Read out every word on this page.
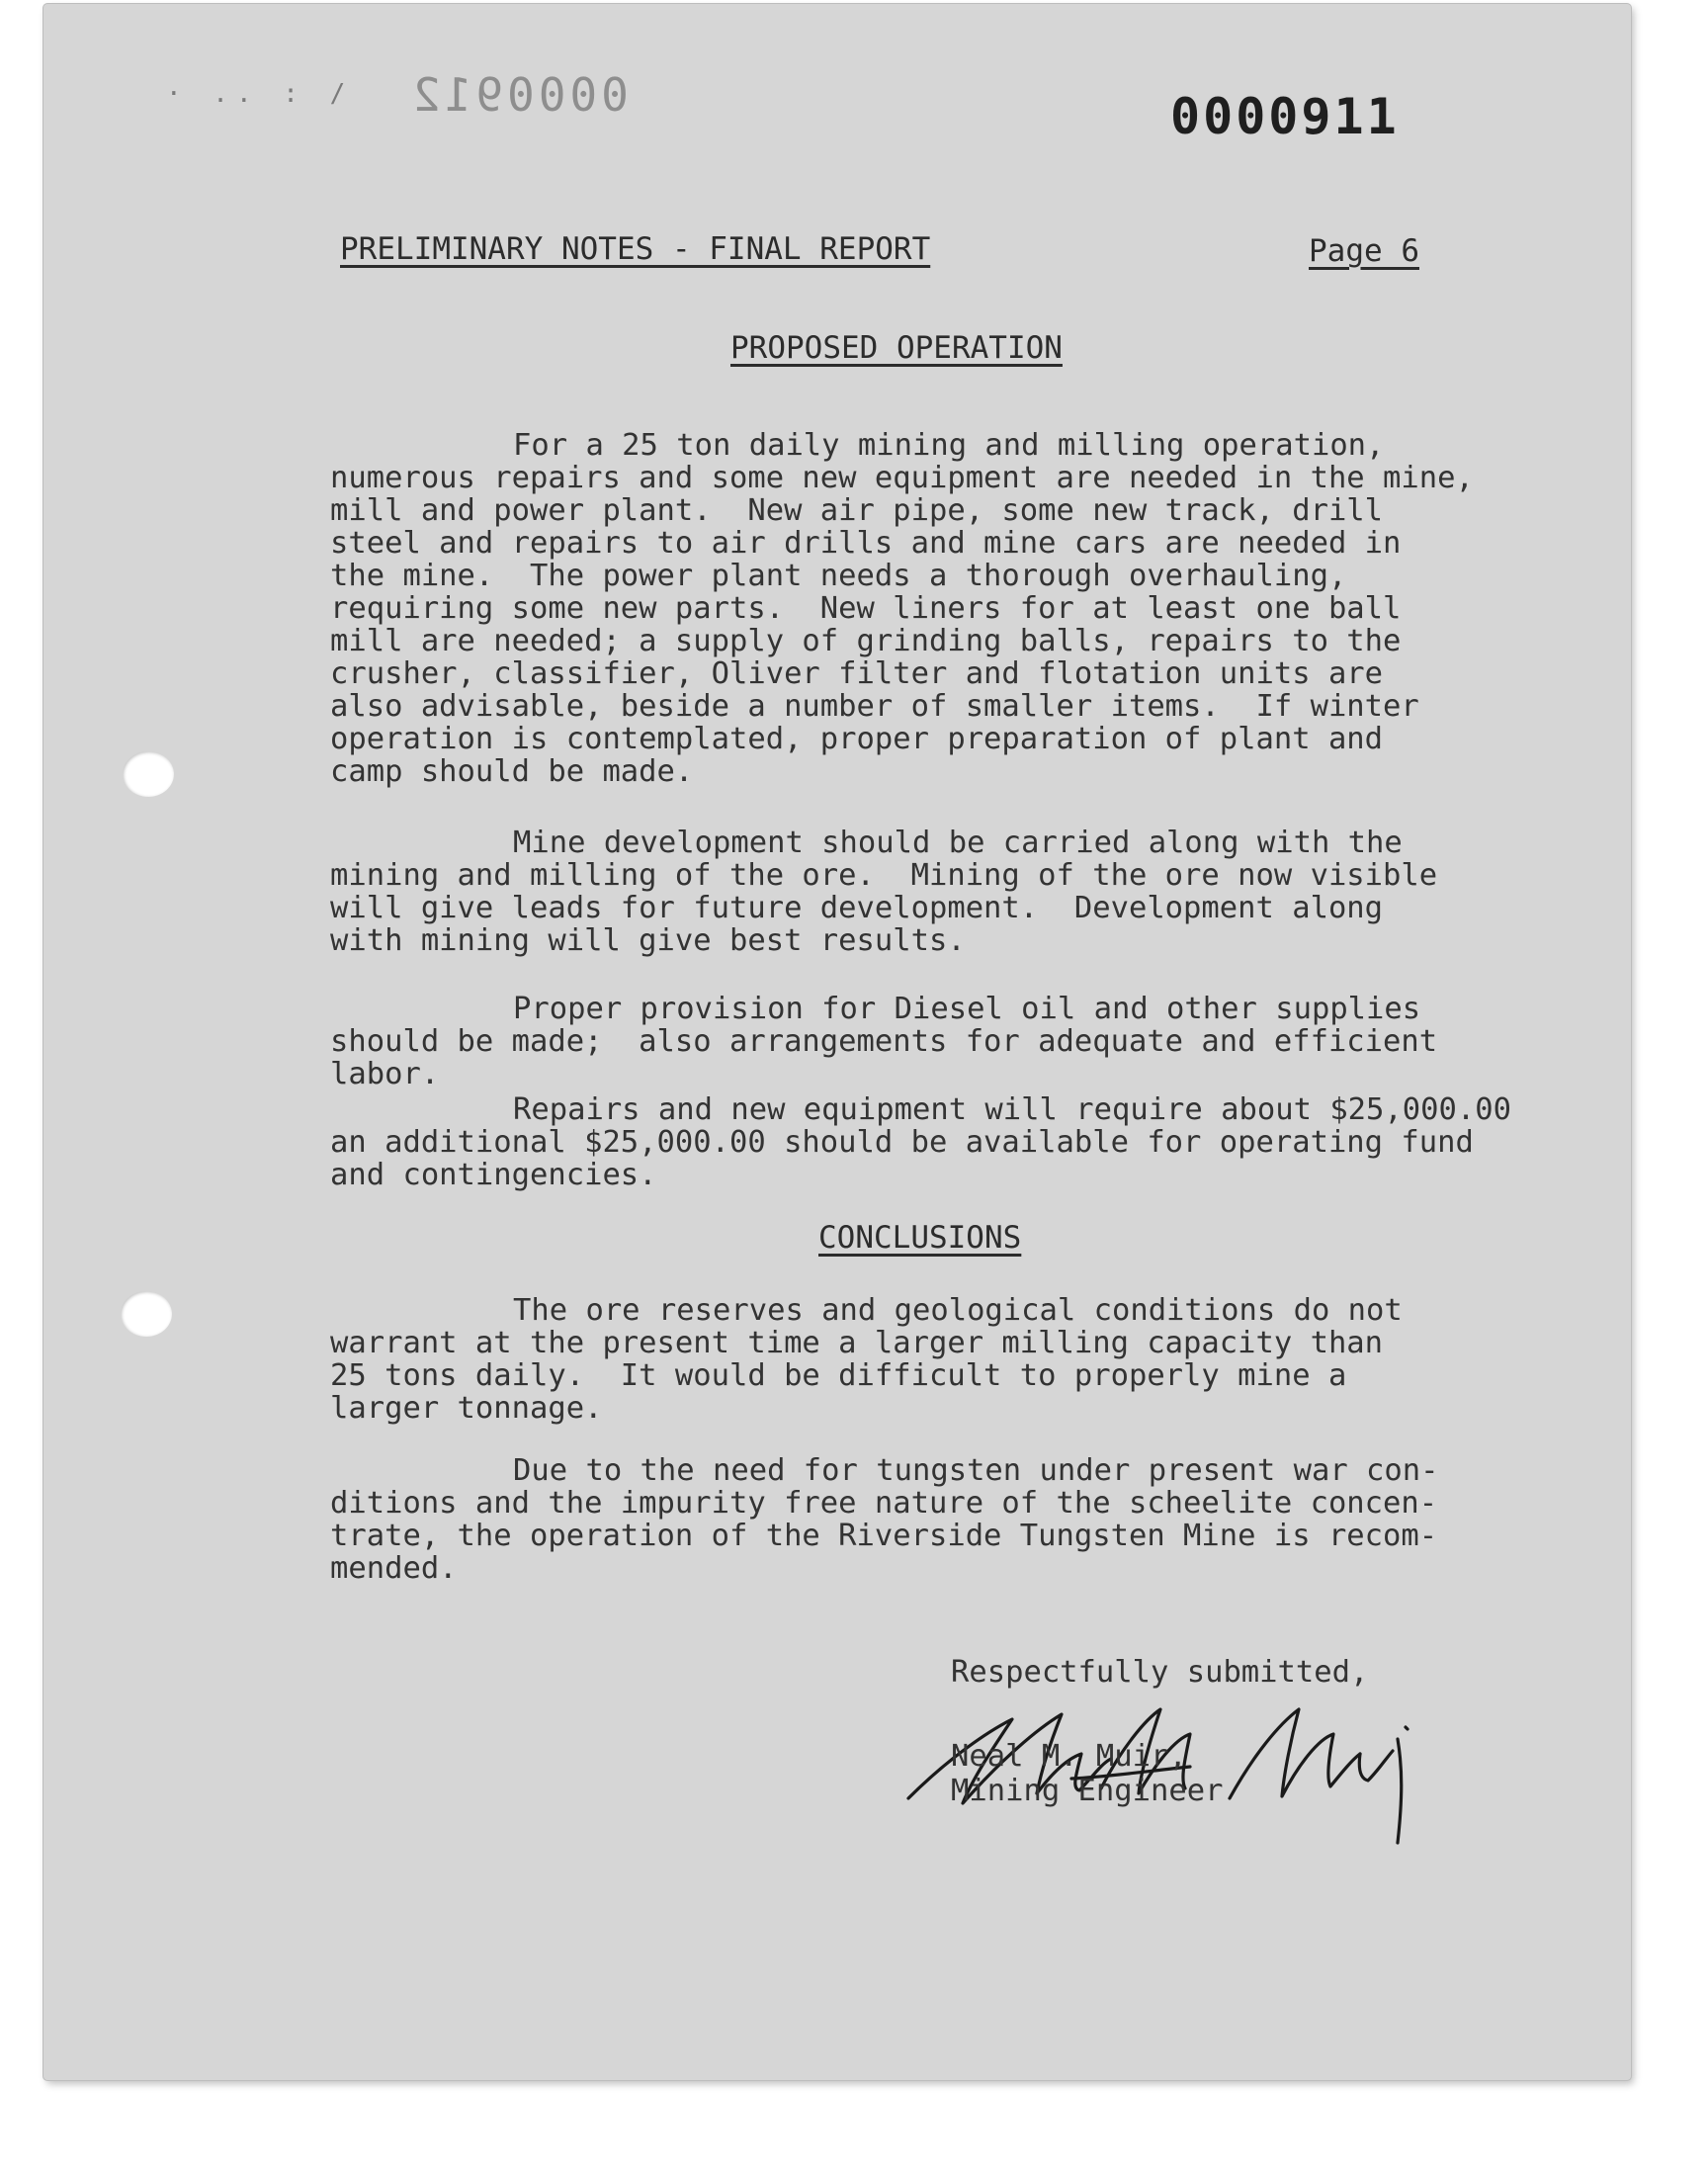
0000912
· .. : /	0000911
PRELIMINARY NOTES - FINAL REPORT	Page 6
PROPOSED OPERATION

For a 25 ton daily mining and milling operation,
numerous repairs and some new equipment are needed in the mine,
mill and power plant.  New air pipe, some new track, drill
steel and repairs to air drills and mine cars are needed in
the mine.  The power plant needs a thorough overhauling,
requiring some new parts.  New liners for at least one ball
mill are needed; a supply of grinding balls, repairs to the
crusher, classifier, Oliver filter and flotation units are
also advisable, beside a number of smaller items.  If winter
operation is contemplated, proper preparation of plant and
camp should be made.

Mine development should be carried along with the
mining and milling of the ore.  Mining of the ore now visible
will give leads for future development.  Development along
with mining will give best results.

Proper provision for Diesel oil and other supplies
should be made;  also arrangements for adequate and efficient
labor.

Repairs and new equipment will require about $25,000.00
an additional $25,000.00 should be available for operating fund
and contingencies.

CONCLUSIONS

The ore reserves and geological conditions do not
warrant at the present time a larger milling capacity than
25 tons daily.  It would be difficult to properly mine a
larger tonnage.

Due to the need for tungsten under present war con-
ditions and the impurity free nature of the scheelite concen-
trate, the operation of the Riverside Tungsten Mine is recom-
mended.

Respectfully submitted,
Neal M. Muir,
Mining Engineer
